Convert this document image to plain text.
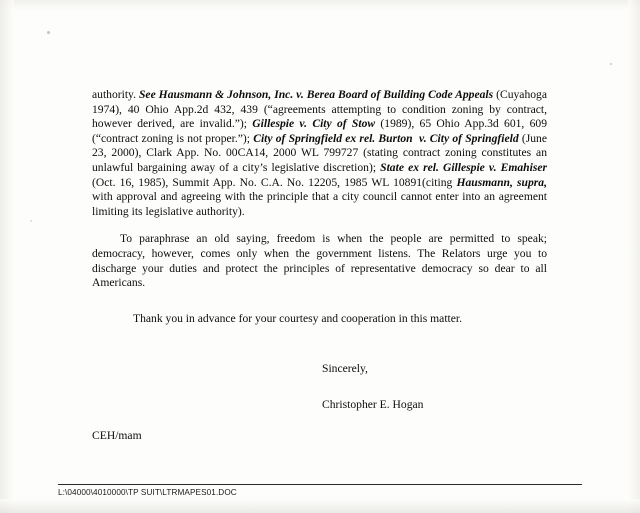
authority. See Hausmann & Johnson, Inc. v. Berea Board of Building Code Appeals (Cuyahoga 1974), 40 Ohio App.2d 432, 439 (“agreements attempting to condition zoning by contract, however derived, are invalid.”); Gillespie v. City of Stow (1989), 65 Ohio App.3d 601, 609 (“contract zoning is not proper.”); City of Springfield ex rel. Burton  v. City of Springfield (June 23, 2000), Clark App. No. 00CA14, 2000 WL 799727 (stating contract zoning constitutes an unlawful bargaining away of a city’s legislative discretion); State ex rel. Gillespie v. Emahiser (Oct. 16, 1985), Summit App. No. C.A. No. 12205, 1985 WL 10891(citing Hausmann, supra, with approval and agreeing with the principle that a city council cannot enter into an agreement limiting its legislative authority).

To paraphrase an old saying, freedom is when the people are permitted to speak; democracy, however, comes only when the government listens. The Relators urge you to discharge your duties and protect the principles of representative democracy so dear to all Americans.

Thank you in advance for your courtesy and cooperation in this matter.
Sincerely,
Christopher E. Hogan
CEH/mam
L:\04000\4010000\TP SUIT\LTRMAPES01.DOC
